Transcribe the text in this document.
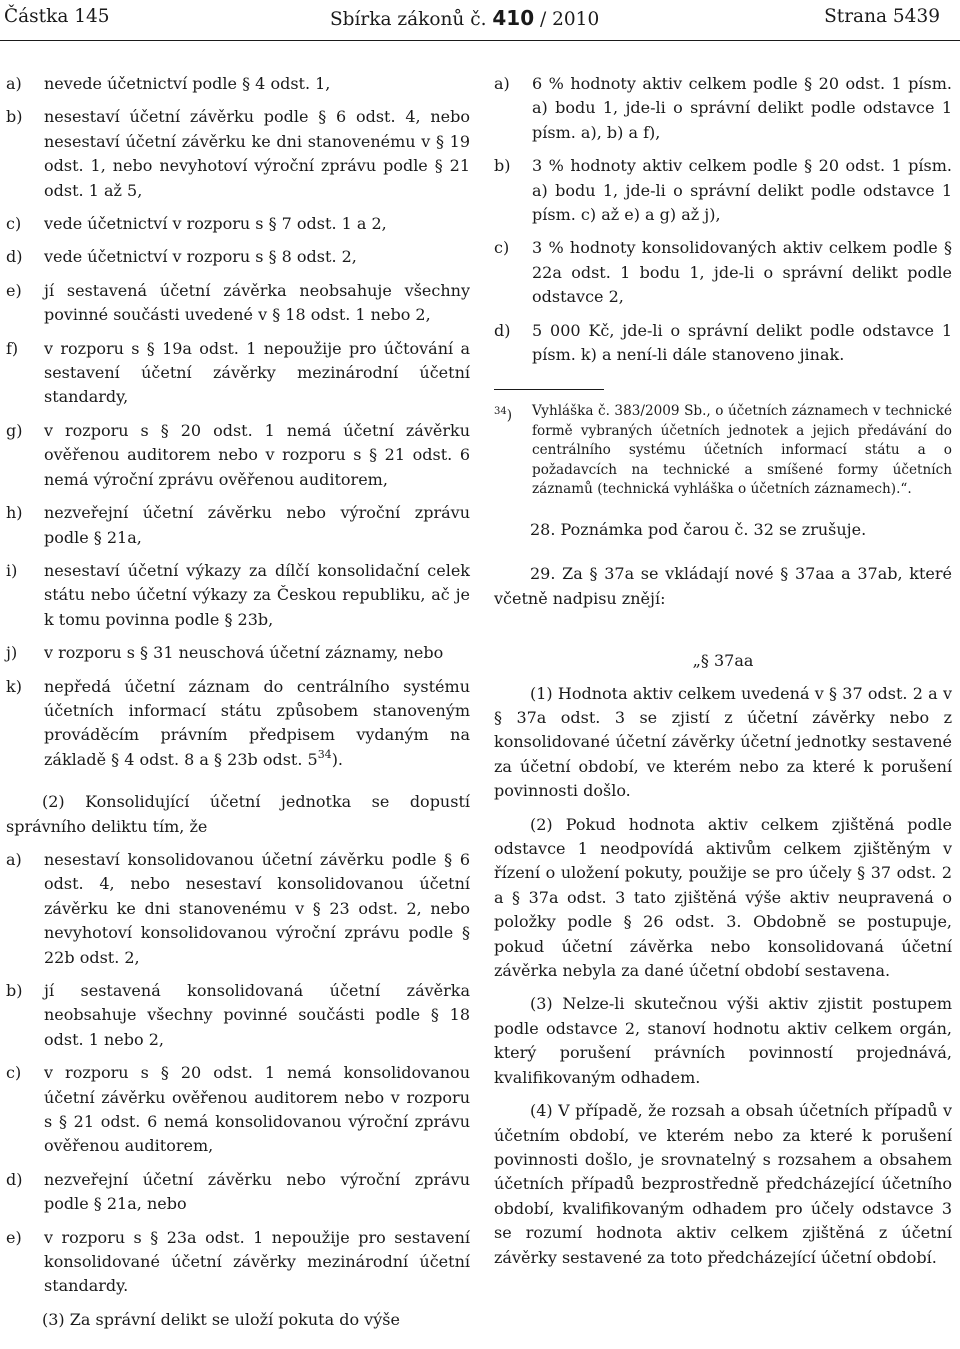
Částka 145	Sbírka zákonů č. 410 / 2010	Strana 5439
a)	nevede účetnictví podle § 4 odst. 1,
b)	nesestaví účetní závěrku podle § 6 odst. 4, nebo nesestaví účetní závěrku ke dni stanovenému v § 19 odst. 1, nebo nevyhotoví výroční zprávu podle § 21 odst. 1 až 5,
c)	vede účetnictví v rozporu s § 7 odst. 1 a 2,
d)	vede účetnictví v rozporu s § 8 odst. 2,
e)	jí sestavená účetní závěrka neobsahuje všechny povinné součásti uvedené v § 18 odst. 1 nebo 2,
f)	v rozporu s § 19a odst. 1 nepoužije pro účtování a sestavení účetní závěrky mezinárodní účetní standardy,
g)	v rozporu s § 20 odst. 1 nemá účetní závěrku ověřenou auditorem nebo v rozporu s § 21 odst. 6 nemá výroční zprávu ověřenou auditorem,
h)	nezveřejní účetní závěrku nebo výroční zprávu podle § 21a,
i)	nesestaví účetní výkazy za dílčí konsolidační celek státu nebo účetní výkazy za Českou republiku, ač je k tomu povinna podle § 23b,
j)	v rozporu s § 31 neuschová účetní záznamy, nebo
k)	nepředá účetní záznam do centrálního systému účetních informací státu způsobem stanoveným prováděcím právním předpisem vydaným na základě § 4 odst. 8 a § 23b odst. 5$^{34}$).

(2) Konsolidující účetní jednotka se dopustí správního deliktu tím, že

a)	nesestaví konsolidovanou účetní závěrku podle § 6 odst. 4, nebo nesestaví konsolidovanou účetní závěrku ke dni stanovenému v § 23 odst. 2, nebo nevyhotoví konsolidovanou výroční zprávu podle § 22b odst. 2,
b)	jí sestavená konsolidovaná účetní závěrka neobsahuje všechny povinné součásti podle § 18 odst. 1 nebo 2,
c)	v rozporu s § 20 odst. 1 nemá konsolidovanou účetní závěrku ověřenou auditorem nebo v rozporu s § 21 odst. 6 nemá konsolidovanou výroční zprávu ověřenou auditorem,
d)	nezveřejní účetní závěrku nebo výroční zprávu podle § 21a, nebo
e)	v rozporu s § 23a odst. 1 nepoužije pro sestavení konsolidované účetní závěrky mezinárodní účetní standardy.

(3) Za správní delikt se uloží pokuta do výše

a)	6 % hodnoty aktiv celkem podle § 20 odst. 1 písm. a) bodu 1, jde-li o správní delikt podle odstavce 1 písm. a), b) a f),
b)	3 % hodnoty aktiv celkem podle § 20 odst. 1 písm. a) bodu 1, jde-li o správní delikt podle odstavce 1 písm. c) až e) a g) až j),
c)	3 % hodnoty konsolidovaných aktiv celkem podle § 22a odst. 1 bodu 1, jde-li o správní delikt podle odstavce 2,
d)	5 000 Kč, jde-li o správní delikt podle odstavce 1 písm. k) a není-li dále stanoveno jinak.
$^{34}$)	Vyhláška č. 383/2009 Sb., o účetních záznamech v technické formě vybraných účetních jednotek a jejich předávání do centrálního systému účetních informací státu a o požadavcích na technické a smíšené formy účetních záznamů (technická vyhláška o účetních záznamech).“.

28. Poznámka pod čarou č. 32 se zrušuje.

29. Za § 37a se vkládají nové § 37aa a 37ab, které včetně nadpisu znějí:

„§ 37aa

(1) Hodnota aktiv celkem uvedená v § 37 odst. 2 a v § 37a odst. 3 se zjistí z účetní závěrky nebo z konsolidované účetní závěrky účetní jednotky sestavené za účetní období, ve kterém nebo za které k porušení povinnosti došlo.

(2) Pokud hodnota aktiv celkem zjištěná podle odstavce 1 neodpovídá aktivům celkem zjištěným v řízení o uložení pokuty, použije se pro účely § 37 odst. 2 a § 37a odst. 3 tato zjištěná výše aktiv neupravená o položky podle § 26 odst. 3. Obdobně se postupuje, pokud účetní závěrka nebo konsolidovaná účetní závěrka nebyla za dané účetní období sestavena.

(3) Nelze-li skutečnou výši aktiv zjistit postupem podle odstavce 2, stanoví hodnotu aktiv celkem orgán, který porušení právních povinností projednává, kvalifikovaným odhadem.

(4) V případě, že rozsah a obsah účetních případů v účetním období, ve kterém nebo za které k porušení povinnosti došlo, je srovnatelný s rozsahem a obsahem účetních případů bezprostředně předcházející účetního období, kvalifikovaným odhadem pro účely odstavce 3 se rozumí hodnota aktiv celkem zjištěná z účetní závěrky sestavené za toto předcházející účetní období.
